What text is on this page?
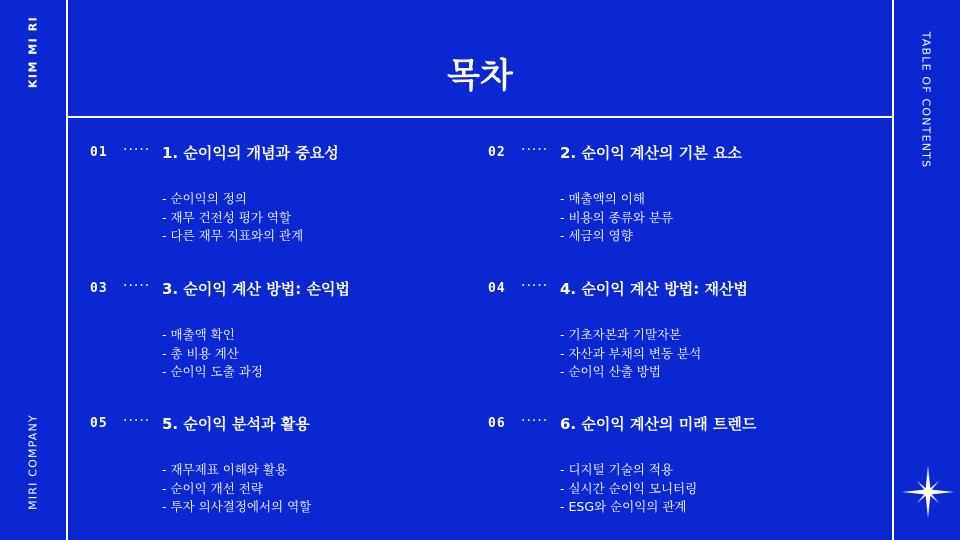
KIM MI RI
MIRI COMPANY
TABLE OF CONTENTS
목차
01 ····· 1. 순이익의 개념과 중요성
- 순이익의 정의
- 재무 건전성 평가 역할
- 다른 재무 지표와의 관계
02 ····· 2. 순이익 계산의 기본 요소
- 매출액의 이해
- 비용의 종류와 분류
- 세금의 영향
03 ····· 3. 순이익 계산 방법: 손익법
- 매출액 확인
- 총 비용 계산
- 순이익 도출 과정
04 ····· 4. 순이익 계산 방법: 재산법
- 기초자본과 기말자본
- 자산과 부채의 변동 분석
- 순이익 산출 방법
05 ····· 5. 순이익 분석과 활용
- 재무제표 이해와 활용
- 순이익 개선 전략
- 투자 의사결정에서의 역할
06 ····· 6. 순이익 계산의 미래 트렌드
- 디지털 기술의 적용
- 실시간 순이익 모니터링
- ESG와 순이익의 관계
